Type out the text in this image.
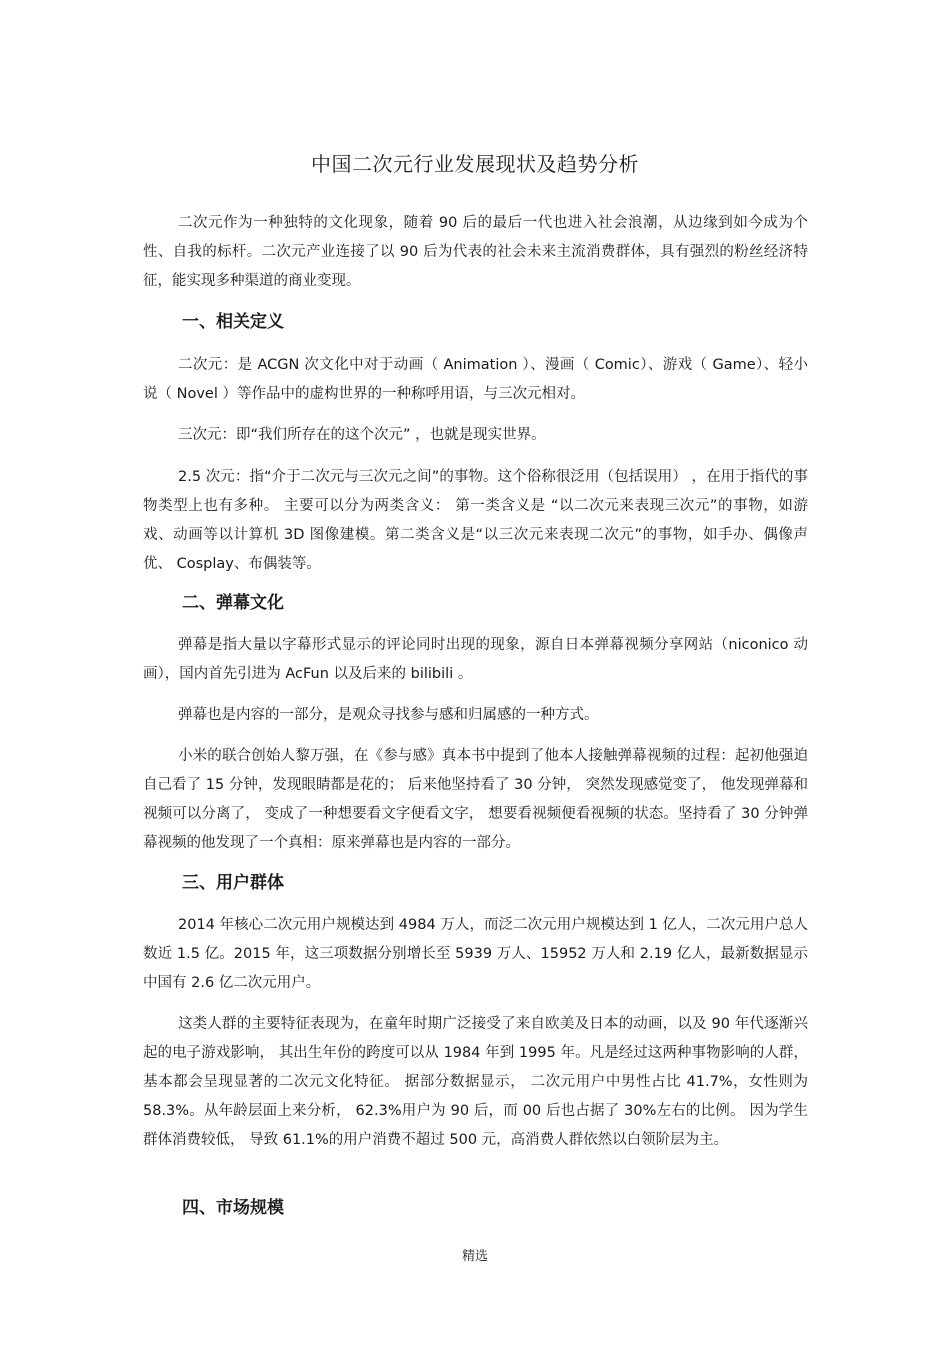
中国二次元行业发展现状及趋势分析

二次元作为一种独特的文化现象，随着 90 后的最后一代也进入社会浪潮，从边缘到如今成为个性、自我的标杆。二次元产业连接了以 90 后为代表的社会未来主流消费群体，具有强烈的粉丝经济特征，能实现多种渠道的商业变现。

一、相关定义

二次元：是 ACGN 次文化中对于动画（ Animation ）、漫画（ Comic）、游戏（ Game）、轻小说（ Novel ）等作品中的虚构世界的一种称呼用语，与三次元相对。

三次元：即“我们所存在的这个次元” ，也就是现实世界。

2.5 次元：指“介于二次元与三次元之间”的事物。这个俗称很泛用（包括误用） ，在用于指代的事物类型上也有多种。 主要可以分为两类含义： 第一类含义是 “以二次元来表现三次元”的事物，如游戏、动画等以计算机 3D 图像建模。第二类含义是“以三次元来表现二次元”的事物，如手办、偶像声优、 Cosplay、布偶装等。

二、弹幕文化

弹幕是指大量以字幕形式显示的评论同时出现的现象，源自日本弹幕视频分享网站（niconico 动画），国内首先引进为 AcFun 以及后来的 bilibili 。

弹幕也是内容的一部分，是观众寻找参与感和归属感的一种方式。

小米的联合创始人黎万强，在《参与感》真本书中提到了他本人接触弹幕视频的过程：起初他强迫自己看了 15 分钟，发现眼睛都是花的； 后来他坚持看了 30 分钟， 突然发现感觉变了， 他发现弹幕和视频可以分离了， 变成了一种想要看文字便看文字， 想要看视频便看视频的状态。坚持看了 30 分钟弹幕视频的他发现了一个真相：原来弹幕也是内容的一部分。

三、用户群体

2014 年核心二次元用户规模达到 4984 万人，而泛二次元用户规模达到 1 亿人，二次元用户总人数近 1.5 亿。2015 年，这三项数据分别增长至 5939 万人、15952 万人和 2.19 亿人，最新数据显示中国有 2.6 亿二次元用户。

这类人群的主要特征表现为，在童年时期广泛接受了来自欧美及日本的动画，以及 90 年代逐渐兴起的电子游戏影响， 其出生年份的跨度可以从 1984 年到 1995 年。凡是经过这两种事物影响的人群， 基本都会呈现显著的二次元文化特征。 据部分数据显示， 二次元用户中男性占比 41.7%，女性则为 58.3%。从年龄层面上来分析， 62.3%用户为 90 后，而 00 后也占据了 30%左右的比例。 因为学生群体消费较低， 导致 61.1%的用户消费不超过 500 元，高消费人群依然以白领阶层为主。

四、市场规模
精选
